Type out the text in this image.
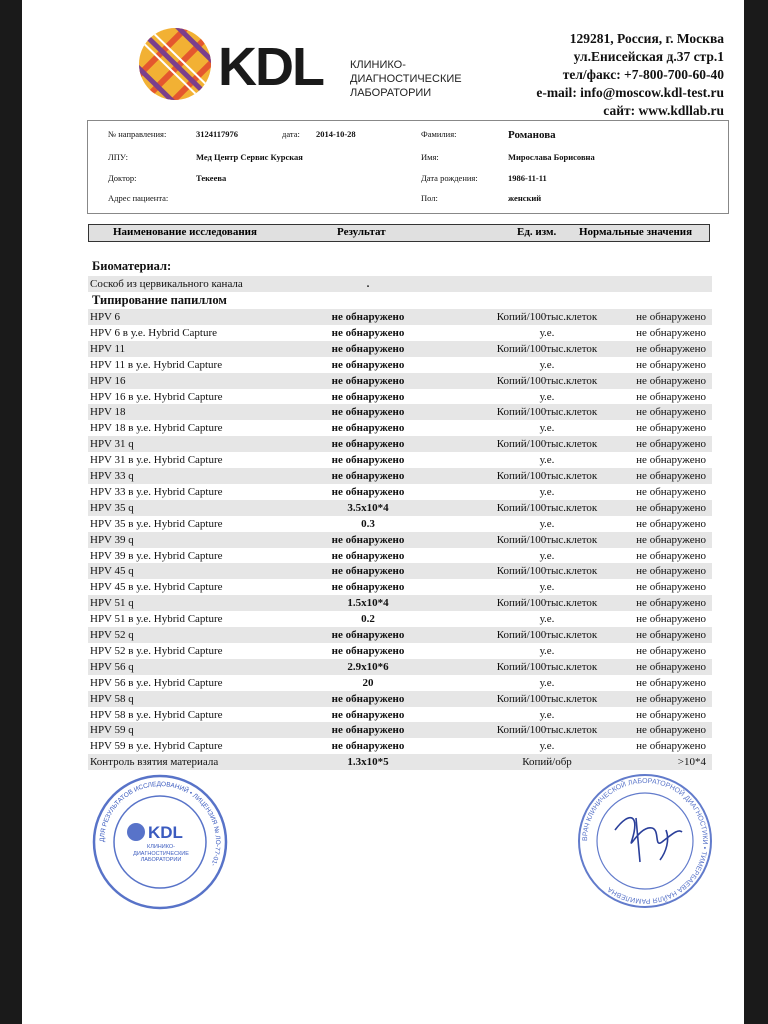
KDL КЛИНИКО-
ДИАГНОСТИЧЕСКИЕ
ЛАБОРАТОРИИ
129281, Россия, г. Москва
ул.Енисейская д.37 стр.1
тел/факс: +7-800-700-60-40
e-mail: info@moscow.kdl-test.ru
сайт: www.kdllab.ru
№ направления:	3124117976	дата: 2014-10-28	Фамилия:	Романова
ЛПУ:	Мед Центр Сервис Курская	Имя:	Мирослава Борисовна
Доктор:	Текеева	Дата рождения:	1986-11-11
Адрес пациента:	Пол:	женский
Наименование исследования	Результат	Ед. изм. Нормальные значения
Биоматериал:
Соскоб из цервикального канала	.
Типирование папиллом
ДЛЯ РЕЗУЛЬТАТОВ ИССЛЕДОВАНИЙ • ЛИЦЕНЗИЯ № ЛО-77-01-
KDL
КЛИНИКО- ДИАГНОСТИЧЕСКИЕ ЛАБОРАТОРИИ
ВРАЧ КЛИНИЧЕСКОЙ ЛАБОРАТОРНОЙ ДИАГНОСТИКИ • ТИМЕРБАЕВА НАЙЛЯ РАМИЛЕВНА
HPV 6	не обнаружено	Копий/100тыс.клеток	не обнаружено
HPV 6 в у.е. Hybrid Capture	не обнаружено	у.е.	не обнаружено
HPV 11	не обнаружено	Копий/100тыс.клеток	не обнаружено
HPV 11 в у.е. Hybrid Capture	не обнаружено	у.е.	не обнаружено
HPV 16	не обнаружено	Копий/100тыс.клеток	не обнаружено
HPV 16 в у.е. Hybrid Capture	не обнаружено	у.е.	не обнаружено
HPV 18	не обнаружено	Копий/100тыс.клеток	не обнаружено
HPV 18 в у.е. Hybrid Capture	не обнаружено	у.е.	не обнаружено
HPV 31 q	не обнаружено	Копий/100тыс.клеток	не обнаружено
HPV 31 в у.е. Hybrid Capture	не обнаружено	у.е.	не обнаружено
HPV 33 q	не обнаружено	Копий/100тыс.клеток	не обнаружено
HPV 33 в у.е. Hybrid Capture	не обнаружено	у.е.	не обнаружено
HPV 35 q	3.5x10*4	Копий/100тыс.клеток	не обнаружено
HPV 35 в у.е. Hybrid Capture	0.3	у.е.	не обнаружено
HPV 39 q	не обнаружено	Копий/100тыс.клеток	не обнаружено
HPV 39 в у.е. Hybrid Capture	не обнаружено	у.е.	не обнаружено
HPV 45 q	не обнаружено	Копий/100тыс.клеток	не обнаружено
HPV 45 в у.е. Hybrid Capture	не обнаружено	у.е.	не обнаружено
HPV 51 q	1.5x10*4	Копий/100тыс.клеток	не обнаружено
HPV 51 в у.е. Hybrid Capture	0.2	у.е.	не обнаружено
HPV 52 q	не обнаружено	Копий/100тыс.клеток	не обнаружено
HPV 52 в у.е. Hybrid Capture	не обнаружено	у.е.	не обнаружено
HPV 56 q	2.9x10*6	Копий/100тыс.клеток	не обнаружено
HPV 56 в у.е. Hybrid Capture	20	у.е.	не обнаружено
HPV 58 q	не обнаружено	Копий/100тыс.клеток	не обнаружено
HPV 58 в у.е. Hybrid Capture	не обнаружено	у.е.	не обнаружено
HPV 59 q	не обнаружено	Копий/100тыс.клеток	не обнаружено
HPV 59 в у.е. Hybrid Capture	не обнаружено	у.е.	не обнаружено
Контроль взятия материала	1.3x10*5	Копий/обр	>10*4
